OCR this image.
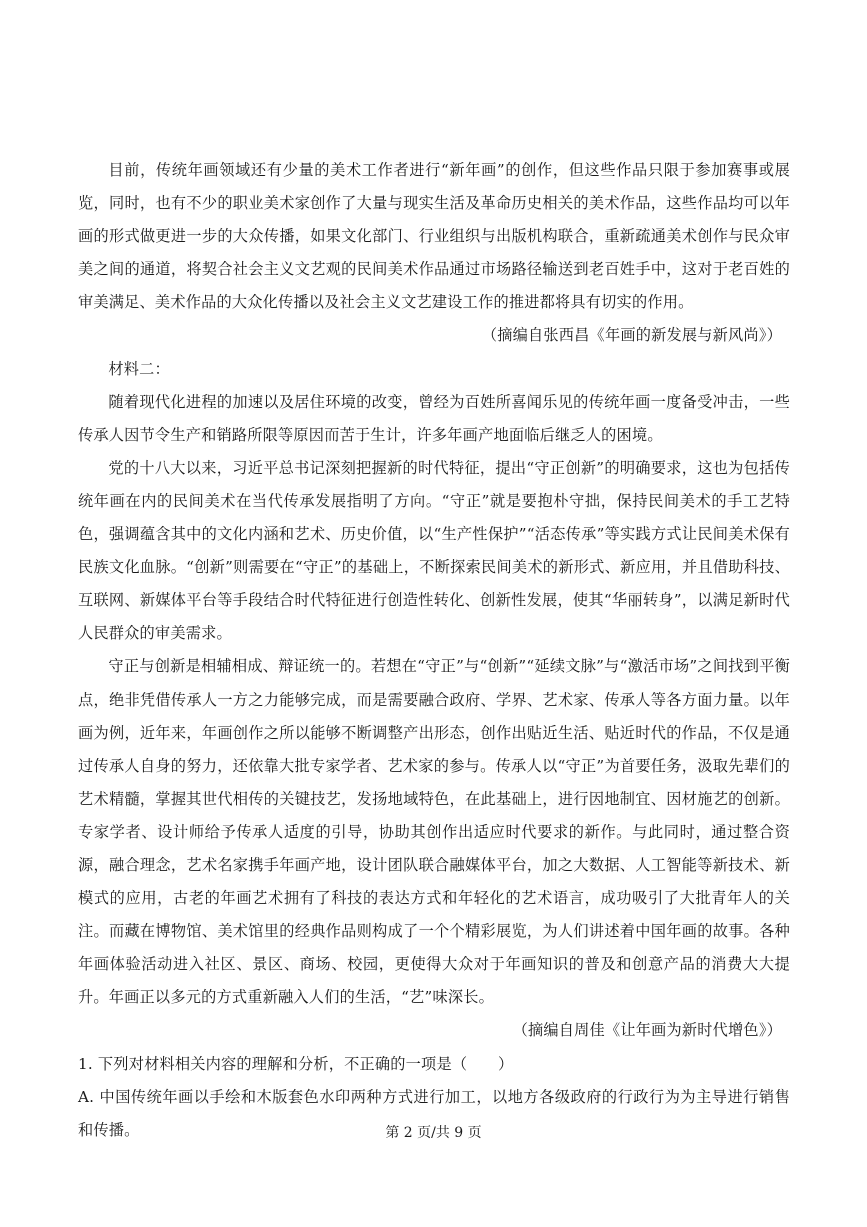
目前，传统年画领域还有少量的美术工作者进行“新年画”的创作，但这些作品只限于参加赛事或展览，同时，也有不少的职业美术家创作了大量与现实生活及革命历史相关的美术作品，这些作品均可以年画的形式做更进一步的大众传播，如果文化部门、行业组织与出版机构联合，重新疏通美术创作与民众审美之间的通道，将契合社会主义文艺观的民间美术作品通过市场路径输送到老百姓手中，这对于老百姓的审美满足、美术作品的大众化传播以及社会主义文艺建设工作的推进都将具有切实的作用。

（摘编自张西昌《年画的新发展与新风尚》）

材料二：

随着现代化进程的加速以及居住环境的改变，曾经为百姓所喜闻乐见的传统年画一度备受冲击，一些传承人因节令生产和销路所限等原因而苦于生计，许多年画产地面临后继乏人的困境。

党的十八大以来，习近平总书记深刻把握新的时代特征，提出“守正创新”的明确要求，这也为包括传统年画在内的民间美术在当代传承发展指明了方向。“守正”就是要抱朴守拙，保持民间美术的手工艺特色，强调蕴含其中的文化内涵和艺术、历史价值，以“生产性保护”“活态传承”等实践方式让民间美术保有民族文化血脉。“创新”则需要在“守正”的基础上，不断探索民间美术的新形式、新应用，并且借助科技、互联网、新媒体平台等手段结合时代特征进行创造性转化、创新性发展，使其“华丽转身”，以满足新时代人民群众的审美需求。

守正与创新是相辅相成、辩证统一的。若想在“守正”与“创新”“延续文脉”与“激活市场”之间找到平衡点，绝非凭借传承人一方之力能够完成，而是需要融合政府、学界、艺术家、传承人等各方面力量。以年画为例，近年来，年画创作之所以能够不断调整产出形态，创作出贴近生活、贴近时代的作品，不仅是通过传承人自身的努力，还依靠大批专家学者、艺术家的参与。传承人以“守正”为首要任务，汲取先辈们的艺术精髓，掌握其世代相传的关键技艺，发扬地域特色，在此基础上，进行因地制宜、因材施艺的创新。专家学者、设计师给予传承人适度的引导，协助其创作出适应时代要求的新作。与此同时，通过整合资源，融合理念，艺术名家携手年画产地，设计团队联合融媒体平台，加之大数据、人工智能等新技术、新模式的应用，古老的年画艺术拥有了科技的表达方式和年轻化的艺术语言，成功吸引了大批青年人的关注。而藏在博物馆、美术馆里的经典作品则构成了一个个精彩展览，为人们讲述着中国年画的故事。各种年画体验活动进入社区、景区、商场、校园，更使得大众对于年画知识的普及和创意产品的消费大大提升。年画正以多元的方式重新融入人们的生活，“艺”味深长。

（摘编自周佳《让年画为新时代增色》）

1. 下列对材料相关内容的理解和分析，不正确的一项是（　　）

A. 中国传统年画以手绘和木版套色水印两种方式进行加工，以地方各级政府的行政行为为主导进行销售和传播。	第 2 页/共 9 页
